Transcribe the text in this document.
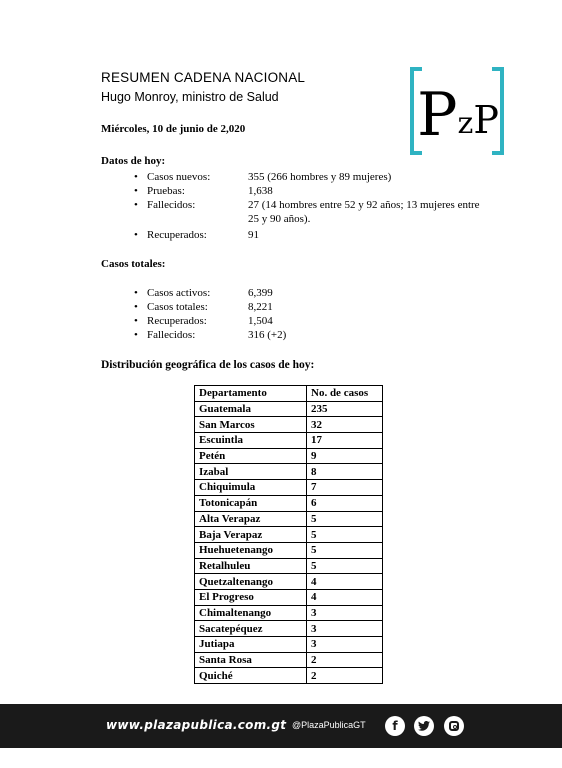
RESUMEN CADENA NACIONAL
Hugo Monroy, ministro de Salud
Miércoles, 10 de junio de 2,020	P z P
Datos de hoy:
• Casos nuevos:	355 (266 hombres y 89 mujeres)
• Pruebas:	1,638
• Fallecidos:	27 (14 hombres entre 52 y 92 años; 13 mujeres entre 25 y 90 años).
• Recuperados:	91
Casos totales:
• Casos activos:	6,399
• Casos totales:	8,221
• Recuperados:	1,504
• Fallecidos:	316 (+2)
Distribución geográfica de los casos de hoy:
Departamento	No. de casos
Guatemala	235
San Marcos	32
Escuintla	17
Petén	9
Izabal	8
Chiquimula	7
Totonicapán	6
Alta Verapaz	5
Baja Verapaz	5
Huehuetenango	5
Retalhuleu	5
Quetzaltenango	4
El Progreso	4
Chimaltenango	3
Sacatepéquez	3
Jutiapa	3
Santa Rosa	2
Quiché	2
www.plazapublica.com.gt @PlazaPublicaGT f
